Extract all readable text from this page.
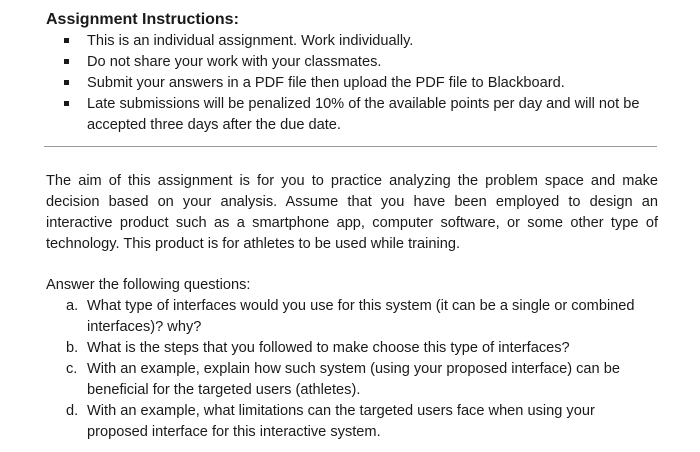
Assignment Instructions:
This is an individual assignment. Work individually.
Do not share your work with your classmates.
Submit your answers in a PDF file then upload the PDF file to Blackboard.
Late submissions will be penalized 10% of the available points per day and will not be accepted three days after the due date.

The aim of this assignment is for you to practice analyzing the problem space and make decision based on your analysis. Assume that you have been employed to design an interactive product such as a smartphone app, computer software, or some other type of technology. This product is for athletes to be used while training.

Answer the following questions:

a. What type of interfaces would you use for this system (it can be a single or combined interfaces)? why?
b. What is the steps that you followed to make choose this type of interfaces?
c. With an example, explain how such system (using your proposed interface) can be beneficial for the targeted users (athletes).
d. With an example, what limitations can the targeted users face when using your proposed interface for this interactive system.
